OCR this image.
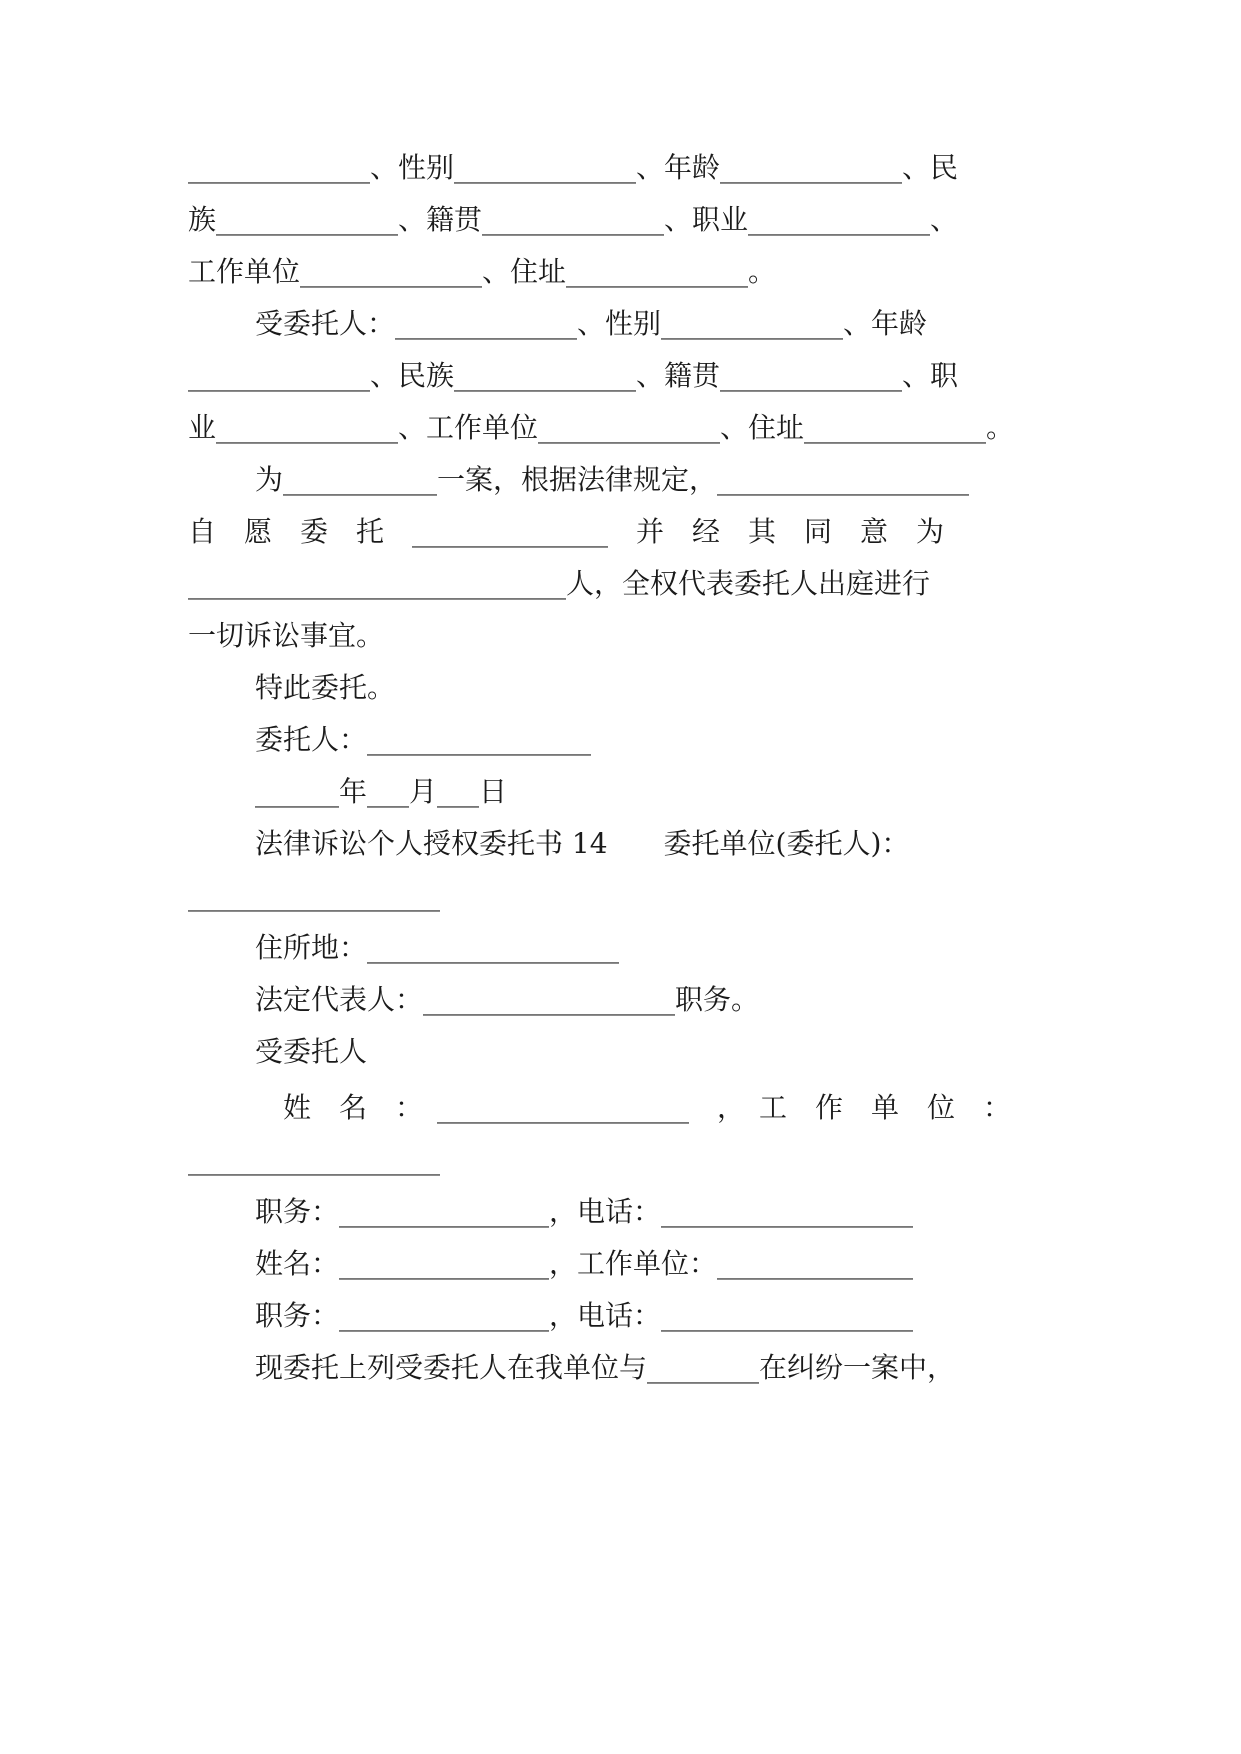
_____________、性别_____________、年龄_____________、民
族_____________、籍贯_____________、职业_____________、
工作单位_____________、住址_____________。
受委托人：_____________、性别_____________、年龄
_____________、民族_____________、籍贯_____________、职
业_____________、工作单位_____________、住址_____________。
为___________一案，根据法律规定，__________________
自　愿　委　托　______________　并　经　其　同　意　为
___________________________人，全权代表委托人出庭进行
一切诉讼事宜。
特此委托。
委托人：________________
______年___月___日
法律诉讼个人授权委托书 14　　委托单位(委托人)：
__________________
住所地：__________________
法定代表人：__________________职务。
受委托人
　姓　名　：　__________________　，　工　作　单　位　：
__________________
职务：_______________，电话：__________________
姓名：_______________，工作单位：______________
职务：_______________，电话：__________________
现委托上列受委托人在我单位与________在纠纷一案中，
